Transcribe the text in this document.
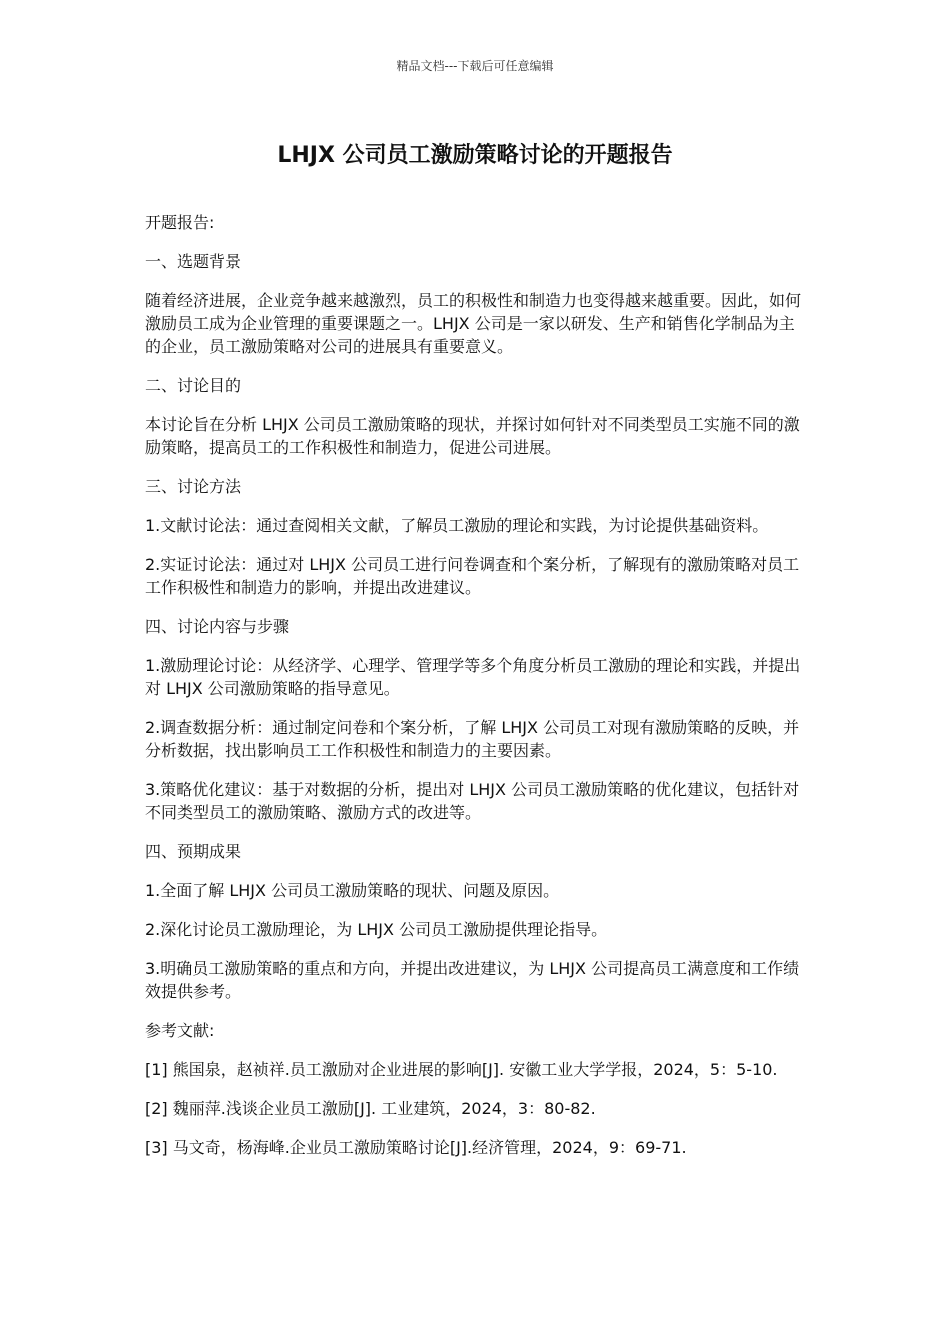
精品文档---下载后可任意编辑
LHJX 公司员工激励策略讨论的开题报告

开题报告:

一、选题背景

随着经济进展，企业竞争越来越激烈，员工的积极性和制造力也变得越来越重要。因此，如何激励员工成为企业管理的重要课题之一。LHJX 公司是一家以研发、生产和销售化学制品为主的企业，员工激励策略对公司的进展具有重要意义。

二、讨论目的

本讨论旨在分析 LHJX 公司员工激励策略的现状，并探讨如何针对不同类型员工实施不同的激励策略，提高员工的工作积极性和制造力，促进公司进展。

三、讨论方法

1.文献讨论法：通过查阅相关文献，了解员工激励的理论和实践，为讨论提供基础资料。

2.实证讨论法：通过对 LHJX 公司员工进行问卷调查和个案分析，了解现有的激励策略对员工工作积极性和制造力的影响，并提出改进建议。

四、讨论内容与步骤

1.激励理论讨论：从经济学、心理学、管理学等多个角度分析员工激励的理论和实践，并提出对 LHJX 公司激励策略的指导意见。

2.调查数据分析：通过制定问卷和个案分析，了解 LHJX 公司员工对现有激励策略的反映，并分析数据，找出影响员工工作积极性和制造力的主要因素。

3.策略优化建议：基于对数据的分析，提出对 LHJX 公司员工激励策略的优化建议，包括针对不同类型员工的激励策略、激励方式的改进等。

四、预期成果

1.全面了解 LHJX 公司员工激励策略的现状、问题及原因。

2.深化讨论员工激励理论，为 LHJX 公司员工激励提供理论指导。

3.明确员工激励策略的重点和方向，并提出改进建议，为 LHJX 公司提高员工满意度和工作绩效提供参考。

参考文献:

[1] 熊国泉，赵祯祥.员工激励对企业进展的影响[J]. 安徽工业大学学报，2024，5：5-10.

[2] 魏丽萍.浅谈企业员工激励[J]. 工业建筑，2024，3：80-82.

[3] 马文奇，杨海峰.企业员工激励策略讨论[J].经济管理，2024，9：69-71.
